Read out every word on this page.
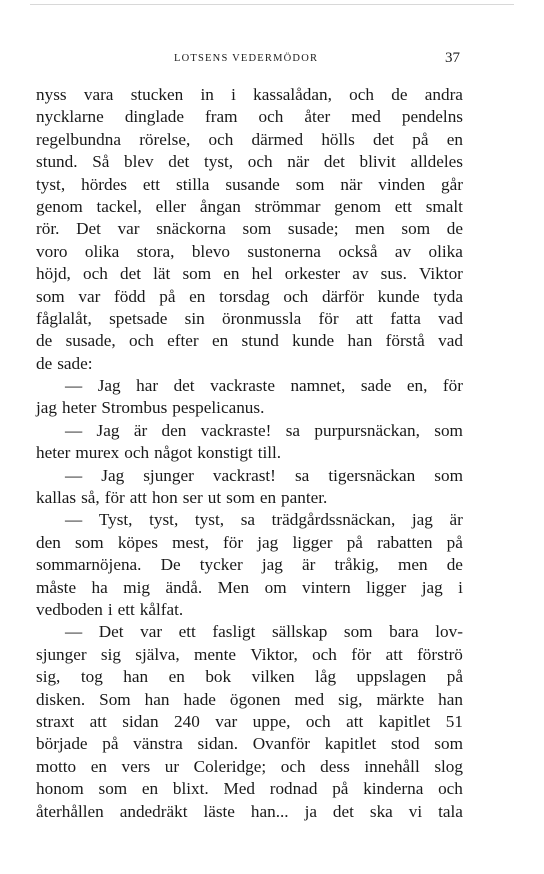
LOTSENS VEDERMÖDOR	37
nyss vara stucken in i kassalådan, och de andra
nycklarne dinglade fram och åter med pendelns
regelbundna rörelse, och därmed hölls det på en
stund. Så blev det tyst, och när det blivit alldeles
tyst, hördes ett stilla susande som när vinden går
genom tackel, eller ångan strömmar genom ett smalt
rör. Det var snäckorna som susade; men som de
voro olika stora, blevo sustonerna också av olika
höjd, och det lät som en hel orkester av sus. Viktor
som var född på en torsdag och därför kunde tyda
fåglalåt, spetsade sin öronmussla för att fatta vad
de susade, och efter en stund kunde han förstå vad
de sade:
— Jag har det vackraste namnet, sade en, för
jag heter Strombus pespelicanus.
— Jag är den vackraste! sa purpursnäckan, som
heter murex och något konstigt till.
— Jag sjunger vackrast! sa tigersnäckan som
kallas så, för att hon ser ut som en panter.
— Tyst, tyst, tyst, sa trädgårdssnäckan, jag är
den som köpes mest, för jag ligger på rabatten på
sommarnöjena. De tycker jag är tråkig, men de
måste ha mig ändå. Men om vintern ligger jag i
vedboden i ett kålfat.
— Det var ett fasligt sällskap som bara lov-
sjunger sig själva, mente Viktor, och för att förströ
sig, tog han en bok vilken låg uppslagen på
disken. Som han hade ögonen med sig, märkte han
straxt att sidan 240 var uppe, och att kapitlet 51
började på vänstra sidan. Ovanför kapitlet stod som
motto en vers ur Coleridge; och dess innehåll slog
honom som en blixt. Med rodnad på kinderna och
återhållen andedräkt läste han... ja det ska vi tala
